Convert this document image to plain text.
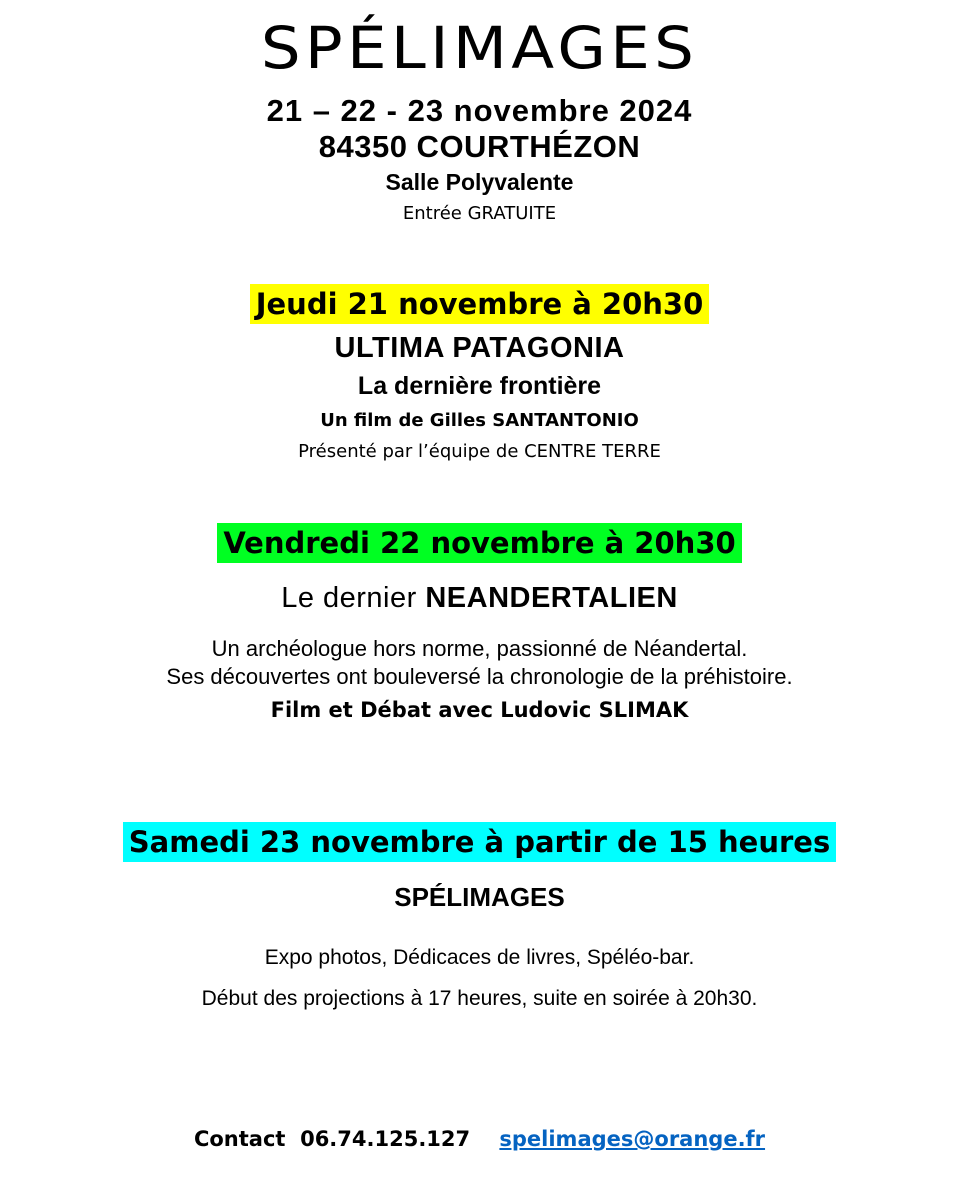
SPÉLIMAGES
21 – 22 - 23 novembre 2024
84350 COURTHÉZON
Salle Polyvalente
Entrée GRATUITE
Jeudi 21 novembre à 20h30
ULTIMA PATAGONIA
La dernière frontière
Un film de Gilles SANTANTONIO
Présenté par l’équipe de CENTRE TERRE
Vendredi 22 novembre à 20h30
Le dernier NEANDERTALIEN
Un archéologue hors norme, passionné de Néandertal.
Ses découvertes ont bouleversé la chronologie de la préhistoire.
Film et Débat avec Ludovic SLIMAK
Samedi 23 novembre à partir de 15 heures
SPÉLIMAGES
Expo photos, Dédicaces de livres, Spéléo-bar.
Début des projections à 17 heures, suite en soirée à 20h30.
Contact 06.74.125.127 spelimages@orange.fr
